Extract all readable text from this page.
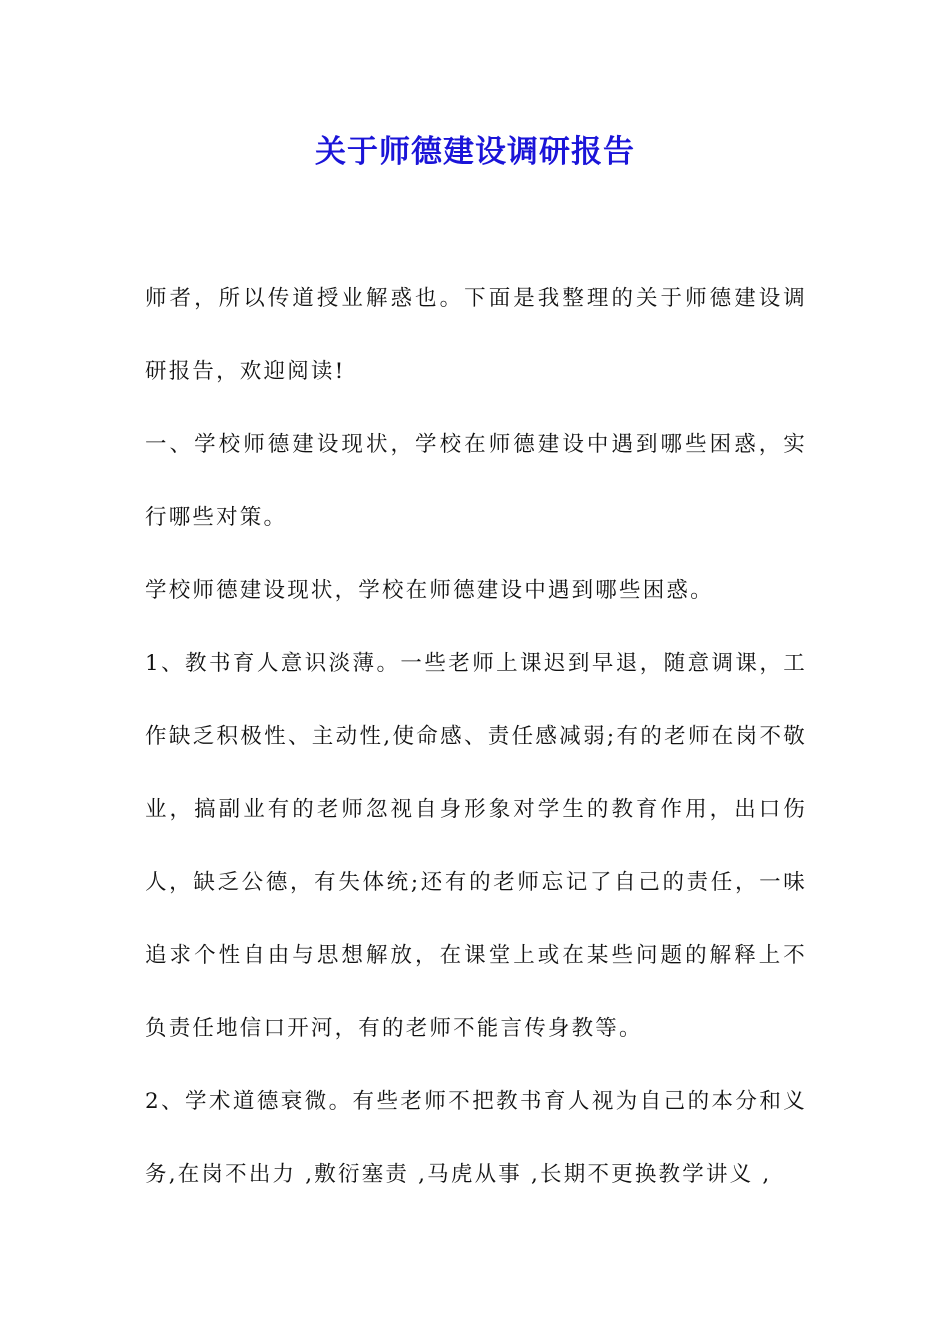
关于师德建设调研报告

师者，所以传道授业解惑也。下面是我整理的关于师德建设调研报告，欢迎阅读!

一、学校师德建设现状，学校在师德建设中遇到哪些困惑，实行哪些对策。

学校师德建设现状，学校在师德建设中遇到哪些困惑。

1、教书育人意识淡薄。一些老师上课迟到早退，随意调课，工作缺乏积极性、主动性,使命感、责任感减弱;有的老师在岗不敬业，搞副业有的老师忽视自身形象对学生的教育作用，出口伤人，缺乏公德，有失体统;还有的老师忘记了自己的责任，一味追求个性自由与思想解放，在课堂上或在某些问题的解释上不负责任地信口开河，有的老师不能言传身教等。

2、学术道德衰微。有些老师不把教书育人视为自己的本分和义务,在岗不出力 ,敷衍塞责 ,马虎从事 ,长期不更换教学讲义 ,
